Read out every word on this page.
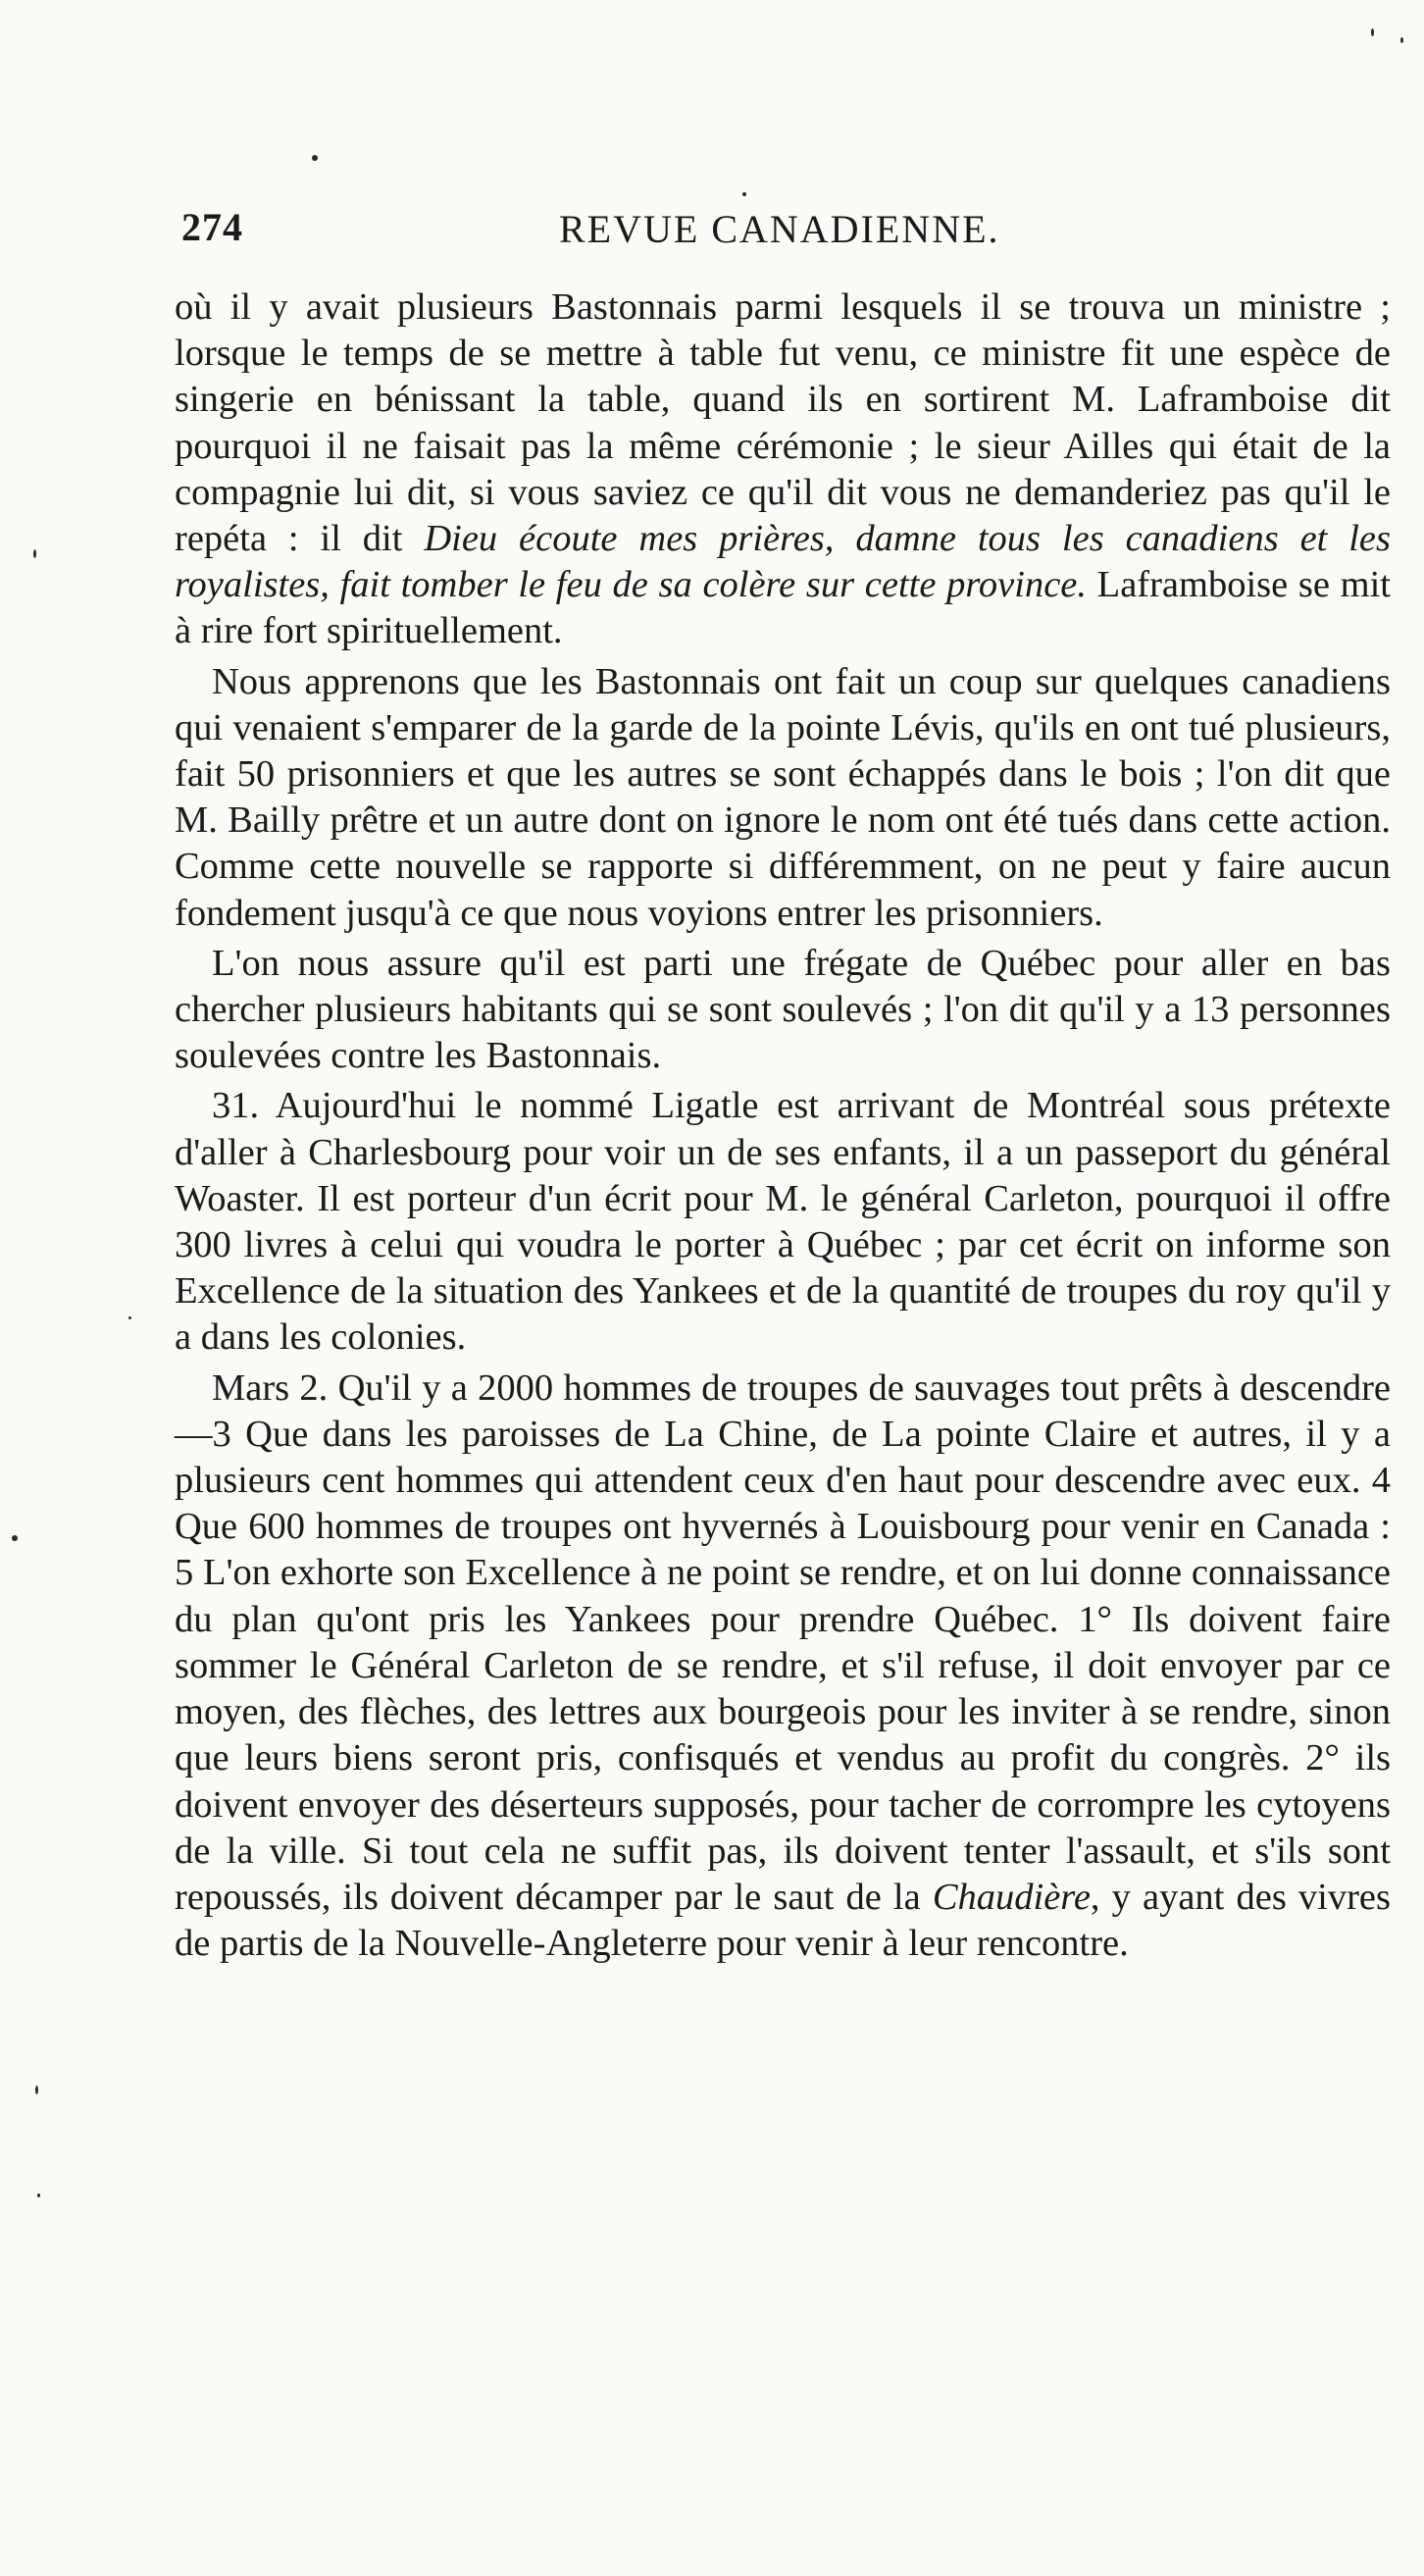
274	REVUE CANADIENNE.

où il y avait plusieurs Bastonnais parmi lesquels il se trouva un ministre ; lorsque le temps de se mettre à table fut venu, ce ministre fit une espèce de singerie en bénissant la table, quand ils en sortirent M. Laframboise dit pourquoi il ne faisait pas la même cérémonie ; le sieur Ailles qui était de la compagnie lui dit, si vous saviez ce qu'il dit vous ne demanderiez pas qu'il le repéta : il dit Dieu écoute mes prières, damne tous les canadiens et les royalistes, fait tomber le feu de sa colère sur cette province. Laframboise se mit à rire fort spirituellement.

Nous apprenons que les Bastonnais ont fait un coup sur quelques canadiens qui venaient s'emparer de la garde de la pointe Lévis, qu'ils en ont tué plusieurs, fait 50 prisonniers et que les autres se sont échappés dans le bois ; l'on dit que M. Bailly prêtre et un autre dont on ignore le nom ont été tués dans cette action. Comme cette nouvelle se rapporte si différemment, on ne peut y faire aucun fondement jusqu'à ce que nous voyions entrer les prisonniers.

L'on nous assure qu'il est parti une frégate de Québec pour aller en bas chercher plusieurs habitants qui se sont soulevés ; l'on dit qu'il y a 13 personnes soulevées contre les Bastonnais.

31. Aujourd'hui le nommé Ligatle est arrivant de Montréal sous prétexte d'aller à Charlesbourg pour voir un de ses enfants, il a un passeport du général Woaster. Il est porteur d'un écrit pour M. le général Carleton, pourquoi il offre 300 livres à celui qui voudra le porter à Québec ; par cet écrit on informe son Excellence de la situation des Yankees et de la quantité de troupes du roy qu'il y a dans les colonies.

Mars 2. Qu'il y a 2000 hommes de troupes de sauvages tout prêts à descendre—3 Que dans les paroisses de La Chine, de La pointe Claire et autres, il y a plusieurs cent hommes qui attendent ceux d'en haut pour descendre avec eux. 4 Que 600 hommes de troupes ont hyvernés à Louisbourg pour venir en Canada : 5 L'on exhorte son Excellence à ne point se rendre, et on lui donne connaissance du plan qu'ont pris les Yankees pour prendre Québec. 1° Ils doivent faire sommer le Général Carleton de se rendre, et s'il refuse, il doit envoyer par ce moyen, des flèches, des lettres aux bourgeois pour les inviter à se rendre, sinon que leurs biens seront pris, confisqués et vendus au profit du congrès. 2° ils doivent envoyer des déserteurs supposés, pour tacher de corrompre les cytoyens de la ville. Si tout cela ne suffit pas, ils doivent tenter l'assault, et s'ils sont repoussés, ils doivent décamper par le saut de la Chaudière, y ayant des vivres de partis de la Nouvelle-Angleterre pour venir à leur rencontre.
